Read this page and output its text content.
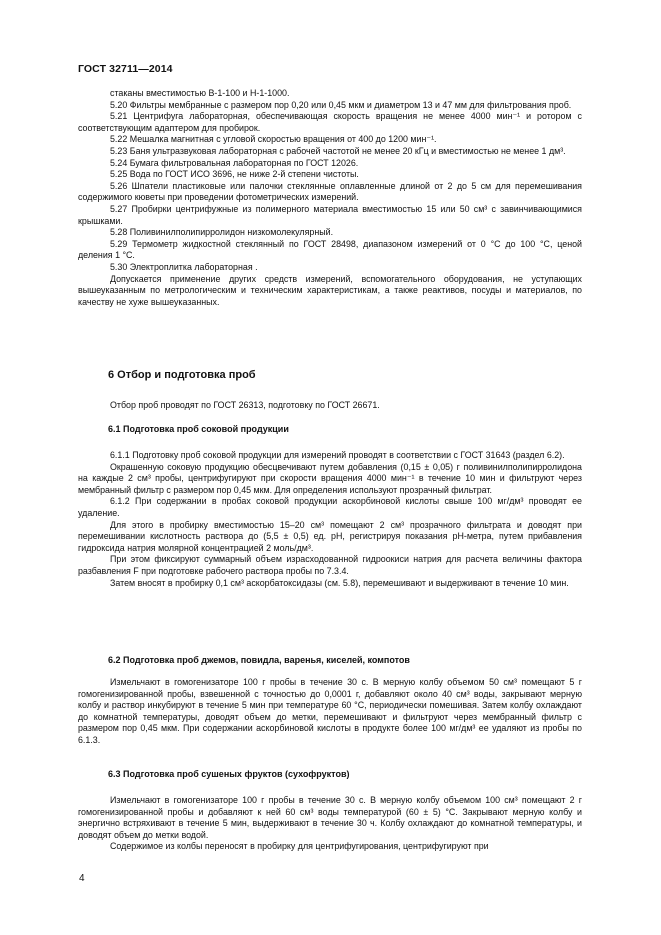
ГОСТ 32711—2014

стаканы вместимостью В-1-100 и Н-1-1000.

5.20 Фильтры мембранные с размером пор 0,20 или 0,45 мкм и диаметром 13 и 47 мм для фильтрования проб.

5.21 Центрифуга лабораторная, обеспечивающая скорость вращения не менее 4000 мин⁻¹ и ротором с соответствующим адаптером для пробирок.

5.22 Мешалка магнитная с угловой скоростью вращения от 400 до 1200 мин⁻¹.

5.23 Баня ультразвуковая лабораторная с рабочей частотой не менее 20 кГц и вместимостью не менее 1 дм³.

5.24 Бумага фильтровальная лабораторная по ГОСТ 12026.

5.25 Вода по ГОСТ ИСО 3696, не ниже 2-й степени чистоты.

5.26 Шпатели пластиковые или палочки стеклянные оплавленные длиной от 2 до 5 см для перемешивания содержимого кюветы при проведении фотометрических измерений.

5.27 Пробирки центрифужные из полимерного материала вместимостью 15 или 50 см³ с завинчивающимися крышками.

5.28 Поливинилполипирролидон низкомолекулярный.

5.29 Термометр жидкостной стеклянный по ГОСТ 28498, диапазоном измерений от 0 °С до 100 °С, ценой деления 1 °С.

5.30 Электроплитка лабораторная .

Допускается применение других средств измерений, вспомогательного оборудования, не уступающих вышеуказанным по метрологическим и техническим характеристикам, а также реактивов, посуды и материалов, по качеству не хуже вышеуказанных.

6 Отбор и подготовка проб

Отбор проб проводят по ГОСТ 26313, подготовку по ГОСТ 26671.

6.1 Подготовка проб соковой продукции

6.1.1 Подготовку проб соковой продукции для измерений проводят в соответствии с ГОСТ 31643 (раздел 6.2).

Окрашенную соковую продукцию обесцвечивают путем добавления (0,15 ± 0,05) г поливинилполипирролидона на каждые 2 см³ пробы, центрифугируют при скорости вращения 4000 мин⁻¹ в течение 10 мин и фильтруют через мембранный фильтр с размером пор 0,45 мкм. Для определения используют прозрачный фильтрат.

6.1.2 При содержании в пробах соковой продукции аскорбиновой кислоты свыше 100 мг/дм³ проводят ее удаление.

Для этого в пробирку вместимостью 15–20 см³ помещают 2 см³ прозрачного фильтрата и доводят при перемешивании кислотность раствора до (5,5 ± 0,5) ед. pH, регистрируя показания pH-метра, путем прибавления гидроксида натрия молярной концентрацией 2 моль/дм³.

При этом фиксируют суммарный объем израсходованной гидроокиси натрия для расчета величины фактора разбавления F при подготовке рабочего раствора пробы по 7.3.4.

Затем вносят в пробирку 0,1 см³ аскорбатоксидазы (см. 5.8), перемешивают и выдерживают в течение 10 мин.

6.2 Подготовка проб джемов, повидла, варенья, киселей, компотов

Измельчают в гомогенизаторе 100 г пробы в течение 30 с. В мерную колбу объемом 50 см³ помещают 5 г гомогенизированной пробы, взвешенной с точностью до 0,0001 г, добавляют около 40 см³ воды, закрывают мерную колбу и раствор инкубируют в течение 5 мин при температуре 60 °С, периодически помешивая. Затем колбу охлаждают до комнатной температуры, доводят объем до метки, перемешивают и фильтруют через мембранный фильтр с размером пор 0,45 мкм. При содержании аскорбиновой кислоты в продукте более 100 мг/дм³ ее удаляют из пробы по 6.1.3.

6.3 Подготовка проб сушеных фруктов (сухофруктов)

Измельчают в гомогенизаторе 100 г пробы в течение 30 с. В мерную колбу объемом 100 см³ помещают 2 г гомогенизированной пробы и добавляют к ней 60 см³ воды температурой (60 ± 5) °С. Закрывают мерную колбу и энергично встряхивают в течение 5 мин, выдерживают в течение 30 ч. Колбу охлаждают до комнатной температуры, и доводят объем до метки водой.

Содержимое из колбы переносят в пробирку для центрифугирования, центрифугируют при

4
